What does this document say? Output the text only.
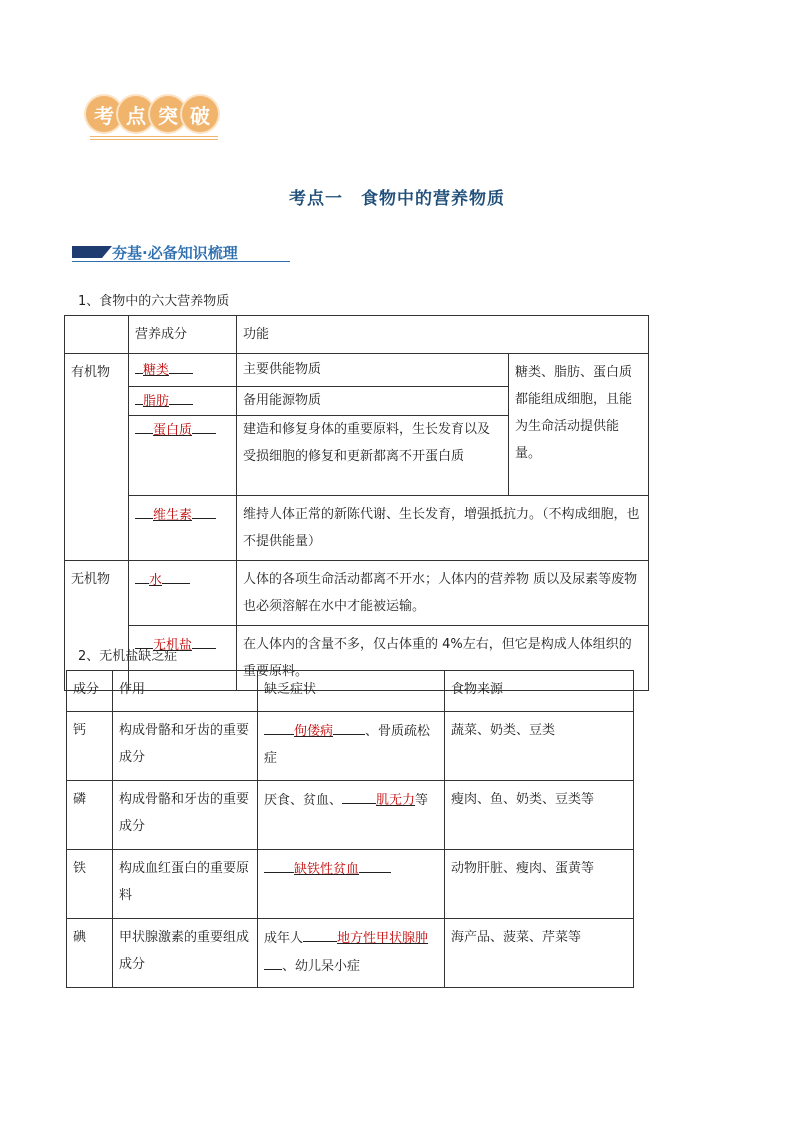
考 点 突 破
考点一　食物中的营养物质
夯基·必备知识梳理
1、食物中的六大营养物质
	营养成分	功能	
有机物	糖类	主要供能物质	糖类、脂肪、蛋白质都能组成细胞，且能为生命活动提供能量。
	脂肪	备用能源物质	
	蛋白质	建造和修复身体的重要原料，生长发育以及受损细胞的修复和更新都离不开蛋白质	
	维生素	维持人体正常的新陈代谢、生长发育，增强抵抗力。（不构成细胞，也不提供能量）	
无机物	水	人体的各项生命活动都离不开水；人体内的营养物 质以及尿素等废物也必须溶解在水中才能被运输。	
	无机盐	在人体内的含量不多，仅占体重的 4%左右，但它是构成人体组织的重要原料。	
2、无机盐缺乏症
成分	作用	缺乏症状	食物来源
钙	构成骨骼和牙齿的重要成分	佝偻病 、骨质疏松症	蔬菜、奶类、豆类
磷	构成骨骼和牙齿的重要成分	厌食、贫血、 肌无力等	瘦肉、鱼、奶类、豆类等
铁	构成血红蛋白的重要原料	缺铁性贫血	动物肝脏、瘦肉、蛋黄等
碘	甲状腺激素的重要组成成分	成年人 地方性甲状腺肿、幼儿呆小症	海产品、菠菜、芹菜等
